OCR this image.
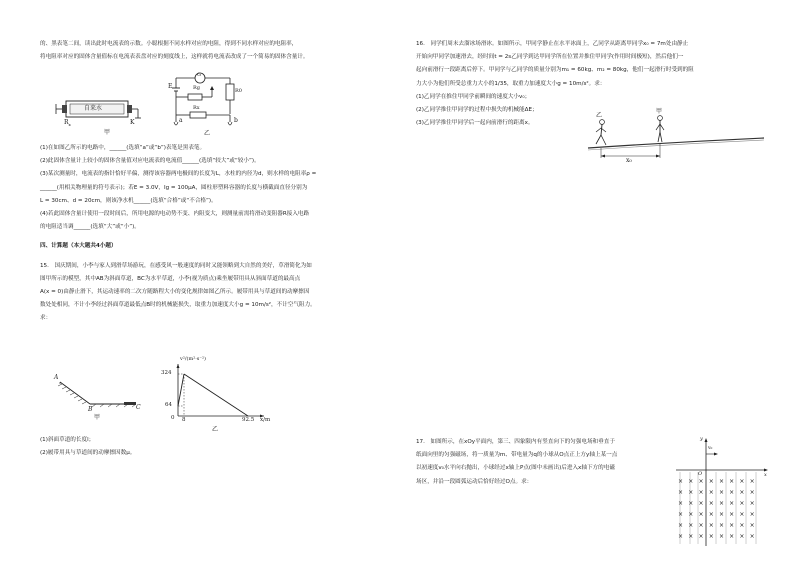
的、黑表笔二间，读出此时电流表的示数。小聪根据不同水样对应的电阻，得到不同水样对应的电阻率，

将电阻率对应的固体含量值标在电流表表盘对应的刻度线上，这样就将电流表改成了一个简易的固体含量计。

自来水
$R_x$	K
甲
G
E	Rg	R0
Rx
a	b
乙

(1)在如图乙所示的电路中，______(选填“a”或“b”)表笔是黑表笔。

(2)此固体含量计上较小的固体含量值对应电流表的电流值______(选填“较大”或“较小”)。

(3)某次测量时，电流表的指针恰好半偏，测得该容器两电极间的长度为L，水柱的内径为d，则水样的电阻率ρ =

______(用相关物理量的符号表示)；若E = 3.0V，Ig = 100μA，圆柱形塑料容器的长度与横截面直径分别为

L = 30cm、d = 20cm，则该净水机______(选填“合格”或“不合格”)。

(4)若此固体含量计使用一段时间后，所用电源的电动势不变、内阻变大，则测量前需将滑动变阻器R接入电路

的电阻适当调______(选填“大”或“小”)。

四、计算题（本大题共4小题）

15.　国庆期间，小李与家人到滑草场游玩，在感受风一般速度的同时又能领略到大自然的美好，草滑简化为如

图甲所示的模型，其中AB为斜面草道，BC为水平草道，小李(视为质点)乘坐履带用具从斜面草道的最高点

A(x = 0)由静止滑下，其运动速率的二次方随路程大小的变化规律如图乙所示。履带用具与草道间的动摩擦因

数处处相同，不计小李经过斜面草道最低点B时的机械能损失，取重力加速度大小g = 10m/s²，不计空气阻力。

求：

A
B	C
甲
v²/(m²·s⁻²)
324
64
0 8	92.5 x/m
乙

(1)斜面草道的长度l；

(2)履带用具与草道间的动摩擦因数μ。

16.　同学们周末去溜冰场滑冰。如图所示，甲同学静止在水平冰面上，乙同学从距离甲同学x₀ = 7m处由静止

开始向甲同学加速滑去，经时间t = 2s乙同学到达甲同学所在位置并推住甲同学(作用时间极短)，然后他们一

起向前滑行一段距离后停下。甲同学与乙同学的质量分别为m₁ = 60kg、m₂ = 80kg，他们一起滑行时受到的阻

力大小为他们所受总重力大小的1/35，取重力加速度大小g = 10m/s²。求：

(1)乙同学在推住甲同学前瞬间的速度大小v₀；

(2)乙同学推住甲同学的过程中损失的机械能ΔE；

(3)乙同学推住甲同学后一起向前滑行的距离x。

乙
甲
x₀

17.　如图所示，在xOy平面内，第三、四象限内有竖直向下的匀强电场和垂直于

纸面向里的匀强磁场，将一质量为m、带电量为q的小球从O点正上方y轴上某一点

以初速度v₀水平向右抛出，小球经过x轴上P点(图中未画出)后进入x轴下方的电磁

场区，并沿一段圆弧运动后恰好经过O点。求：

y
x
O
v₀
××××××××
××××××××
××××××××
××××××××
××××××××
××××××××
